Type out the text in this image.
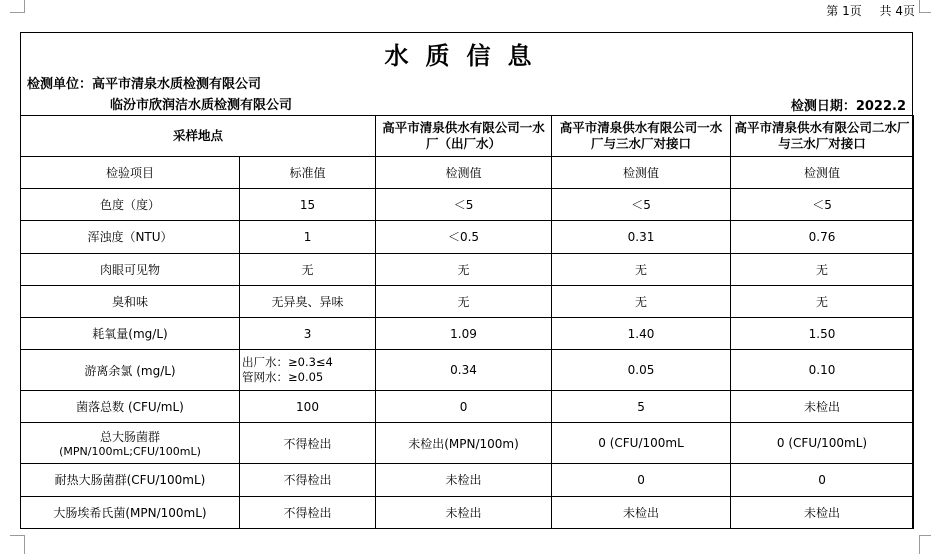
第 1页 共 4页
水质信息
检测单位：高平市清泉水质检测有限公司
临汾市欣润洁水质检测有限公司	检测日期：2022.2
采样地点		高平市清泉供水有限公司一水厂（出厂水）	高平市清泉供水有限公司一水厂与三水厂对接口	高平市清泉供水有限公司二水厂与三水厂对接口
检验项目	标准值	检测值	检测值	检测值
色度（度）	15	＜5	＜5	＜5
浑浊度（NTU）	1	＜0.5	0.31	0.76
肉眼可见物	无	无	无	无
臭和味	无异臭、异味	无	无	无
耗氧量(mg/L)	3	1.09	1.40	1.50
游离余氯 (mg/L)	出厂水：≥0.3≤4
管网水：≥0.05	0.34	0.05	0.10
菌落总数 (CFU/mL)	100	0	5	未检出

总大肠菌群
(MPN/100mL;CFU/100mL)	不得检出	未检出(MPN/100m)	0 (CFU/100mL	0 (CFU/100mL)
耐热大肠菌群(CFU/100mL)	不得检出	未检出	0	0
大肠埃希氏菌(MPN/100mL)	不得检出	未检出	未检出	未检出
